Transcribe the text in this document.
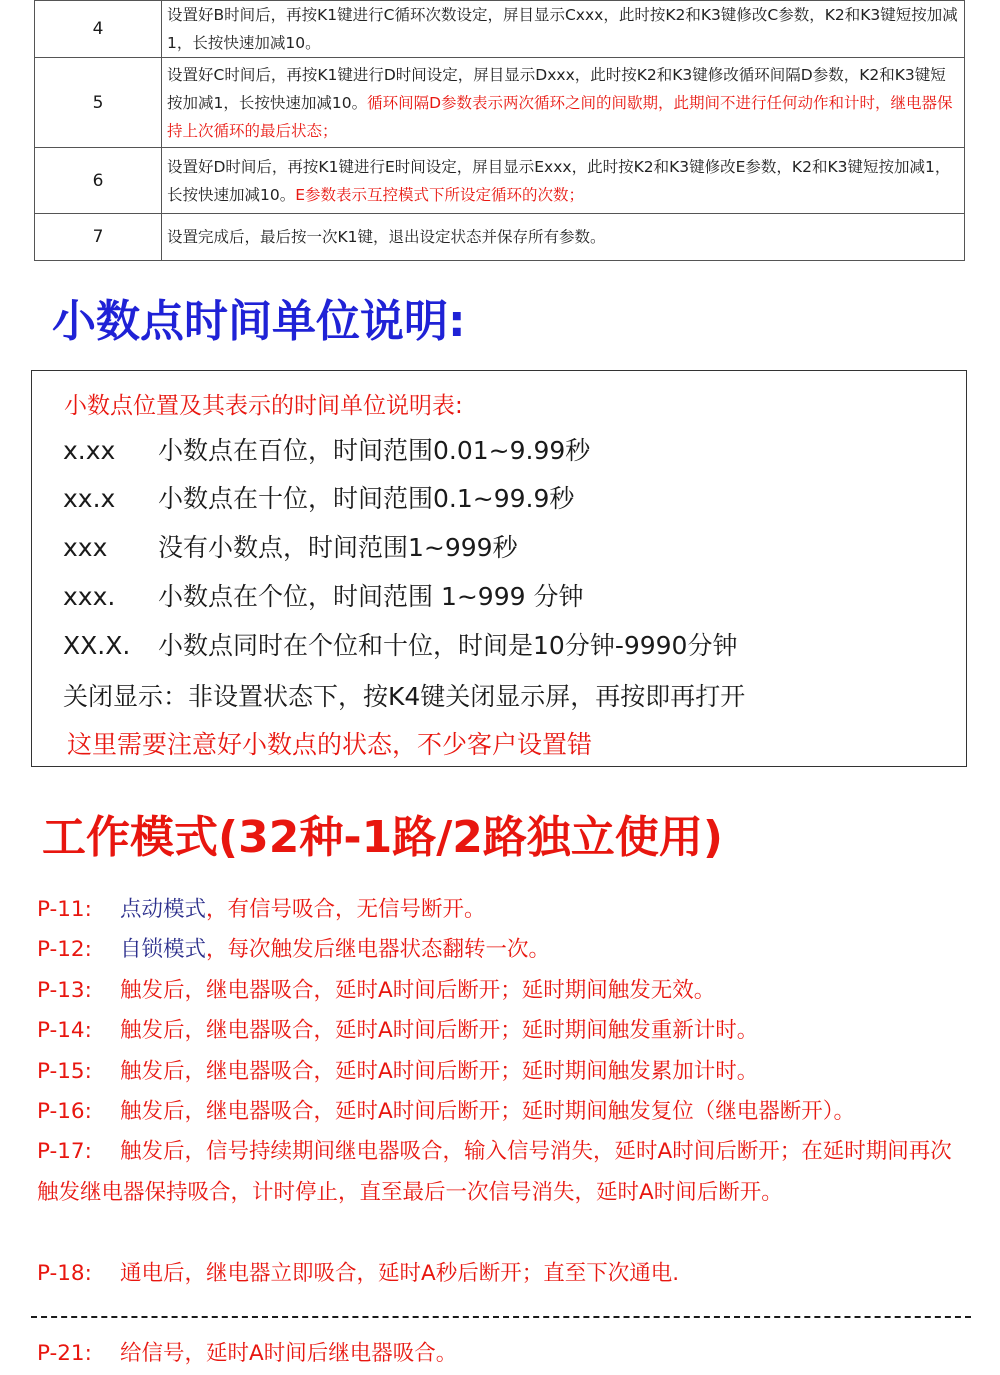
4	设置好B时间后，再按K1键进行C循环次数设定，屏目显示Cxxx，此时按K2和K3键修改C参数，K2和K3键短按加减1，长按快速加减10。
5	设置好C时间后，再按K1键进行D时间设定，屏目显示Dxxx，此时按K2和K3键修改循环间隔D参数，K2和K3键短按加减1，长按快速加减10。循环间隔D参数表示两次循环之间的间歇期，此期间不进行任何动作和计时，继电器保持上次循环的最后状态；
6	设置好D时间后，再按K1键进行E时间设定，屏目显示Exxx，此时按K2和K3键修改E参数，K2和K3键短按加减1，长按快速加减10。E参数表示互控模式下所设定循环的次数；
7	设置完成后，最后按一次K1键，退出设定状态并保存所有参数。
小数点时间单位说明:
小数点位置及其表示的时间单位说明表:
x.xx 小数点在百位，时间范围0.01~9.99秒
xx.x 小数点在十位，时间范围0.1~99.9秒
xxx 没有小数点，时间范围1~999秒
xxx. 小数点在个位，时间范围 1~999 分钟
XX.X. 小数点同时在个位和十位，时间是10分钟-9990分钟
关闭显示：非设置状态下，按K4键关闭显示屏，再按即再打开
这里需要注意好小数点的状态，不少客户设置错
工作模式(32种-1路/2路独立使用)
P-11: 点动模式，有信号吸合，无信号断开。
P-12: 自锁模式，每次触发后继电器状态翻转一次。
P-13: 触发后，继电器吸合，延时A时间后断开；延时期间触发无效。
P-14: 触发后，继电器吸合，延时A时间后断开；延时期间触发重新计时。
P-15: 触发后，继电器吸合，延时A时间后断开；延时期间触发累加计时。
P-16: 触发后，继电器吸合，延时A时间后断开；延时期间触发复位（继电器断开）。
P-17: 触发后，信号持续期间继电器吸合，输入信号消失，延时A时间后断开；在延时期间再次触发继电器保持吸合，计时停止，直至最后一次信号消失，延时A时间后断开。
P-18: 通电后，继电器立即吸合，延时A秒后断开；直至下次通电.
P-21: 给信号，延时A时间后继电器吸合。
